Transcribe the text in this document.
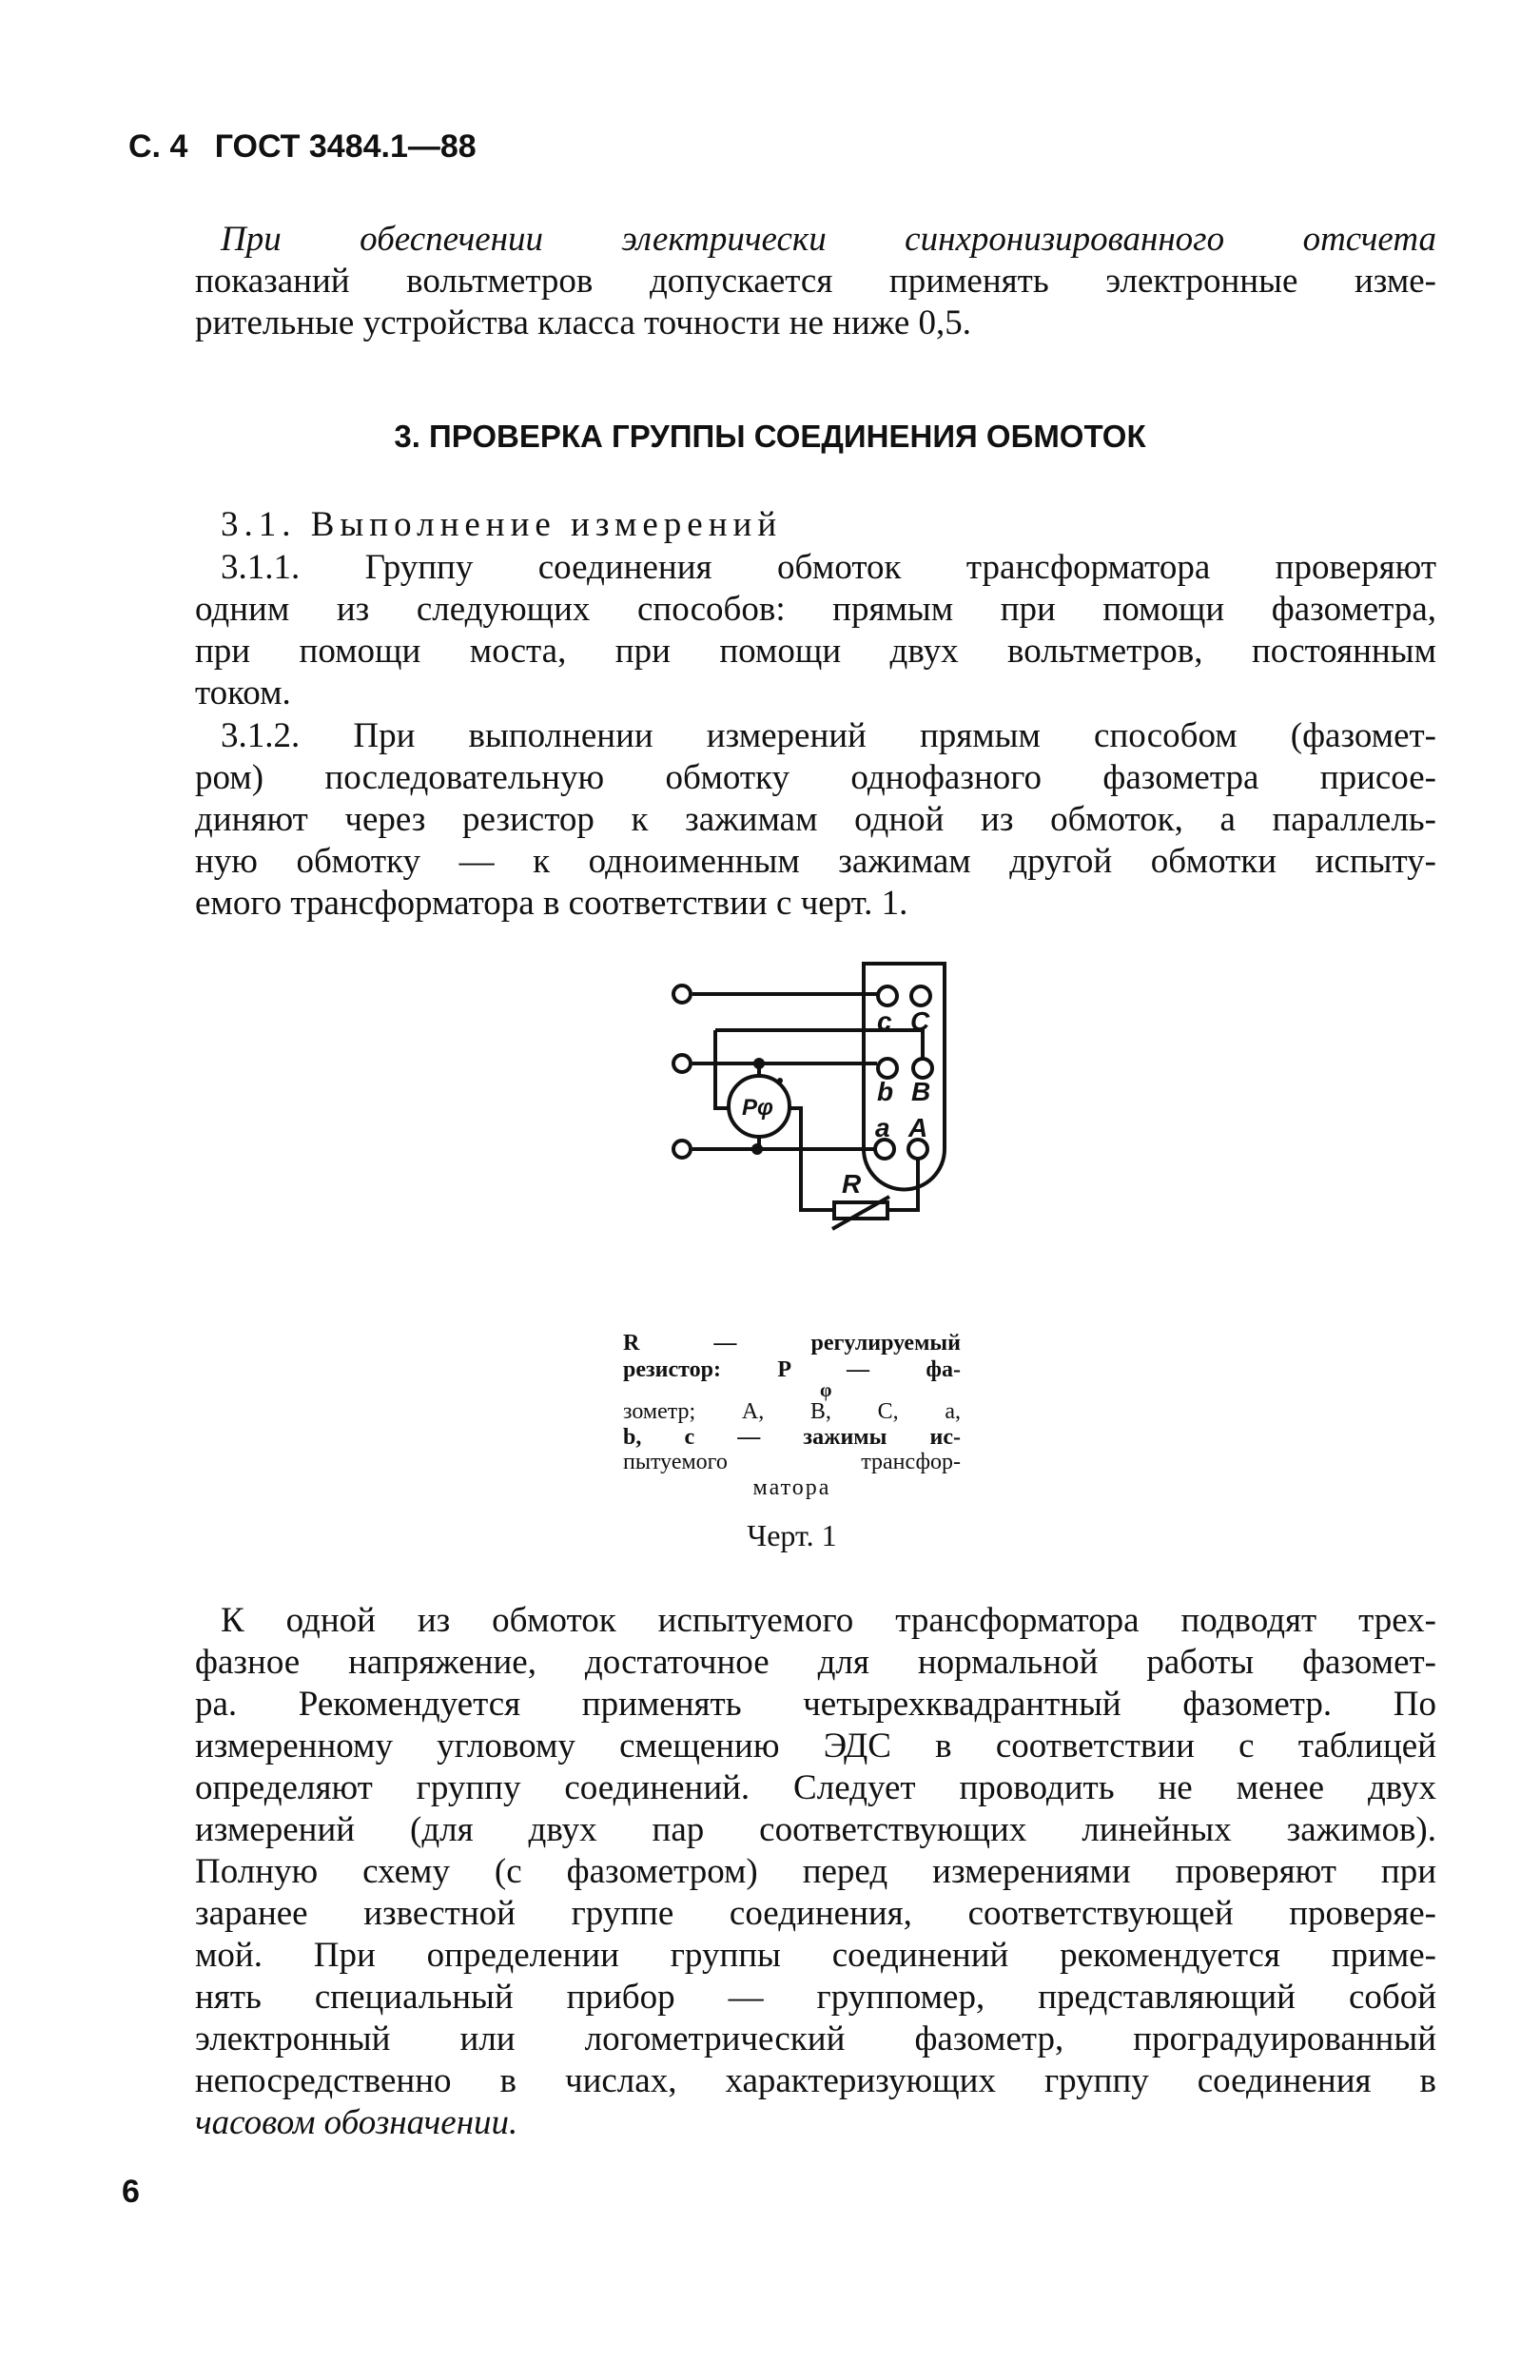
С. 4 ГОСТ 3484.1—88
При обеспечении электрически синхронизированного отсчета
показаний вольтметров допускается применять электронные изме-
рительные устройства класса точности не ниже 0,5.
3. ПРОВЕРКА ГРУППЫ СОЕДИНЕНИЯ ОБМОТОК
3.1. Выполнение измерений
3.1.1. Группу соединения обмоток трансформатора проверяют
одним из следующих способов: прямым при помощи фазометра,
при помощи моста, при помощи двух вольтметров, постоянным
током.
3.1.2. При выполнении измерений прямым способом (фазомет-
ром) последовательную обмотку однофазного фазометра присое-
диняют через резистор к зажимам одной из обмоток, а параллель-
ную обмотку — к одноименным зажимам другой обмотки испыту-
емого трансформатора в соответствии с черт. 1.
c C
b B
a A
R
Pφ
R — регулируемый
резистор: P — фа-
φ
зометр; A, B, C, a,
b, c — зажимы ис-
пытуемого трансфор-
матора
Черт. 1
К одной из обмоток испытуемого трансформатора подводят трех-
фазное напряжение, достаточное для нормальной работы фазомет-
ра. Рекомендуется применять четырехквадрантный фазометр. По
измеренному угловому смещению ЭДС в соответствии с таблицей
определяют группу соединений. Следует проводить не менее двух
измерений (для двух пар соответствующих линейных зажимов).
Полную схему (с фазометром) перед измерениями проверяют при
заранее известной группе соединения, соответствующей проверяе-
мой. При определении группы соединений рекомендуется приме-
нять специальный прибор — группомер, представляющий собой
электронный или логометрический фазометр, проградуированный
непосредственно в числах, характеризующих группу соединения в
часовом обозначении.
6
